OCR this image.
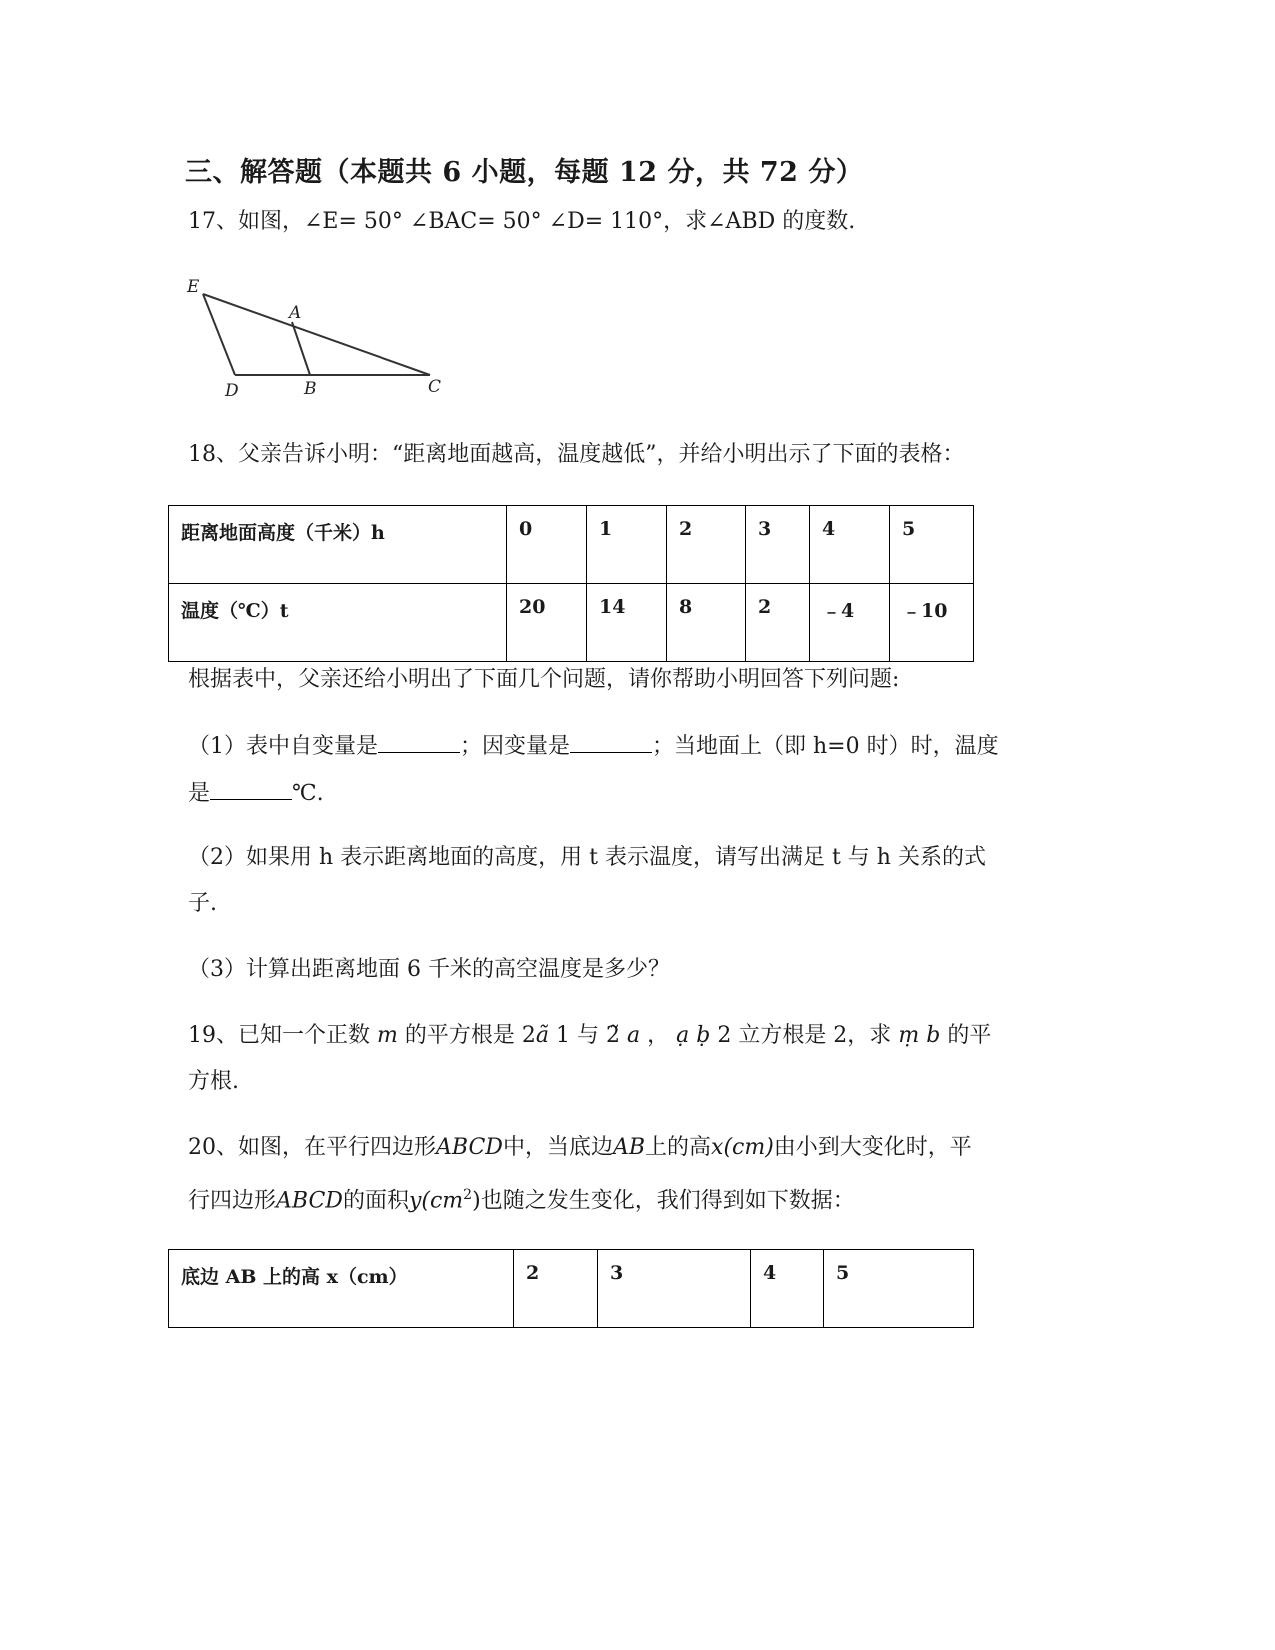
三、解答题（本题共 6 小题，每题 12 分，共 72 分）
17、如图，∠E= 50° ∠BAC= 50° ∠D= 110°，求∠ABD 的度数.
E
A
D	B	C
18、父亲告诉小明：“距离地面越高，温度越低”，并给小明出示了下面的表格：
距离地面高度（千米）h	0	1	2	3	4	5
温度（℃）t	20	14	8	2	﹣4	﹣10
根据表中，父亲还给小明出了下面几个问题，请你帮助小明回答下列问题:
（1）表中自变量是	；因变量是	；当地面上（即 h=0 时）时，温度
是	℃.
（2）如果用 h 表示距离地面的高度，用 t 表示温度，请写出满足 t 与 h 关系的式
子.
（3）计算出距离地面 6 千米的高空温度是多少？
19、已知一个正数 m 的平方根是 2ã 1 与 2̃ a ， ạ ḅ 2 立方根是 2，求 ṃ b 的平
方根.
20、如图，在平行四边形ABCD中，当底边AB上的高x(cm)由小到大变化时，平
行四边形ABCD的面积$y(cm^2)$也随之发生变化，我们得到如下数据：
底边 AB 上的高 x（cm）	2	3	4	5
